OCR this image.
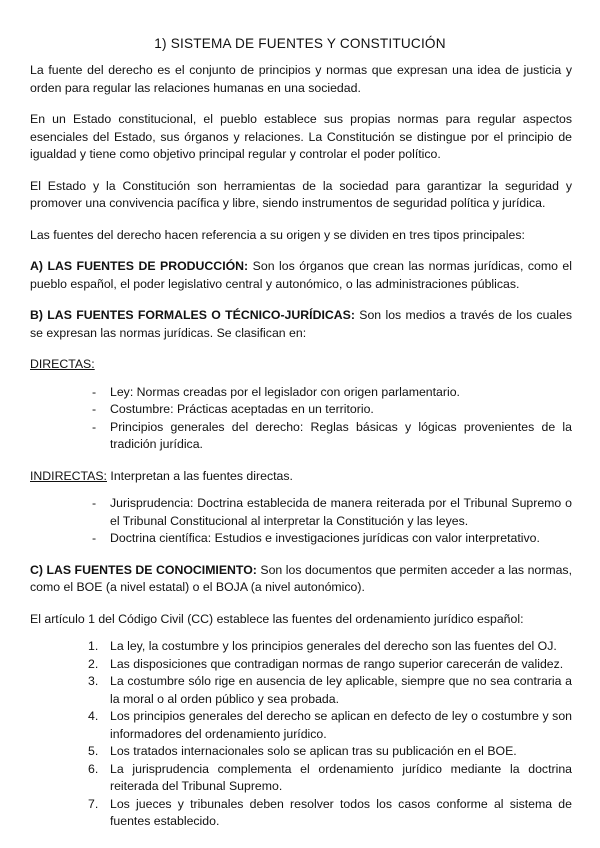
1) SISTEMA DE FUENTES Y CONSTITUCIÓN

La fuente del derecho es el conjunto de principios y normas que expresan una idea de justicia y orden para regular las relaciones humanas en una sociedad.

En un Estado constitucional, el pueblo establece sus propias normas para regular aspectos esenciales del Estado, sus órganos y relaciones. La Constitución se distingue por el principio de igualdad y tiene como objetivo principal regular y controlar el poder político.

El Estado y la Constitución son herramientas de la sociedad para garantizar la seguridad y promover una convivencia pacífica y libre, siendo instrumentos de seguridad política y jurídica.

Las fuentes del derecho hacen referencia a su origen y se dividen en tres tipos principales:

A) LAS FUENTES DE PRODUCCIÓN: Son los órganos que crean las normas jurídicas, como el pueblo español, el poder legislativo central y autonómico, o las administraciones públicas.

B) LAS FUENTES FORMALES O TÉCNICO-JURÍDICAS: Son los medios a través de los cuales se expresan las normas jurídicas. Se clasifican en:

DIRECTAS:

- Ley: Normas creadas por el legislador con origen parlamentario.
- Costumbre: Prácticas aceptadas en un territorio.
- Principios generales del derecho: Reglas básicas y lógicas provenientes de la tradición jurídica.

INDIRECTAS: Interpretan a las fuentes directas.

- Jurisprudencia: Doctrina establecida de manera reiterada por el Tribunal Supremo o el Tribunal Constitucional al interpretar la Constitución y las leyes.
- Doctrina científica: Estudios e investigaciones jurídicas con valor interpretativo.

C) LAS FUENTES DE CONOCIMIENTO: Son los documentos que permiten acceder a las normas, como el BOE (a nivel estatal) o el BOJA (a nivel autonómico).

El artículo 1 del Código Civil (CC) establece las fuentes del ordenamiento jurídico español:

1. La ley, la costumbre y los principios generales del derecho son las fuentes del OJ.
2. Las disposiciones que contradigan normas de rango superior carecerán de validez.
3. La costumbre sólo rige en ausencia de ley aplicable, siempre que no sea contraria a la moral o al orden público y sea probada.
4. Los principios generales del derecho se aplican en defecto de ley o costumbre y son informadores del ordenamiento jurídico.
5. Los tratados internacionales solo se aplican tras su publicación en el BOE.
6. La jurisprudencia complementa el ordenamiento jurídico mediante la doctrina reiterada del Tribunal Supremo.
7. Los jueces y tribunales deben resolver todos los casos conforme al sistema de fuentes establecido.
